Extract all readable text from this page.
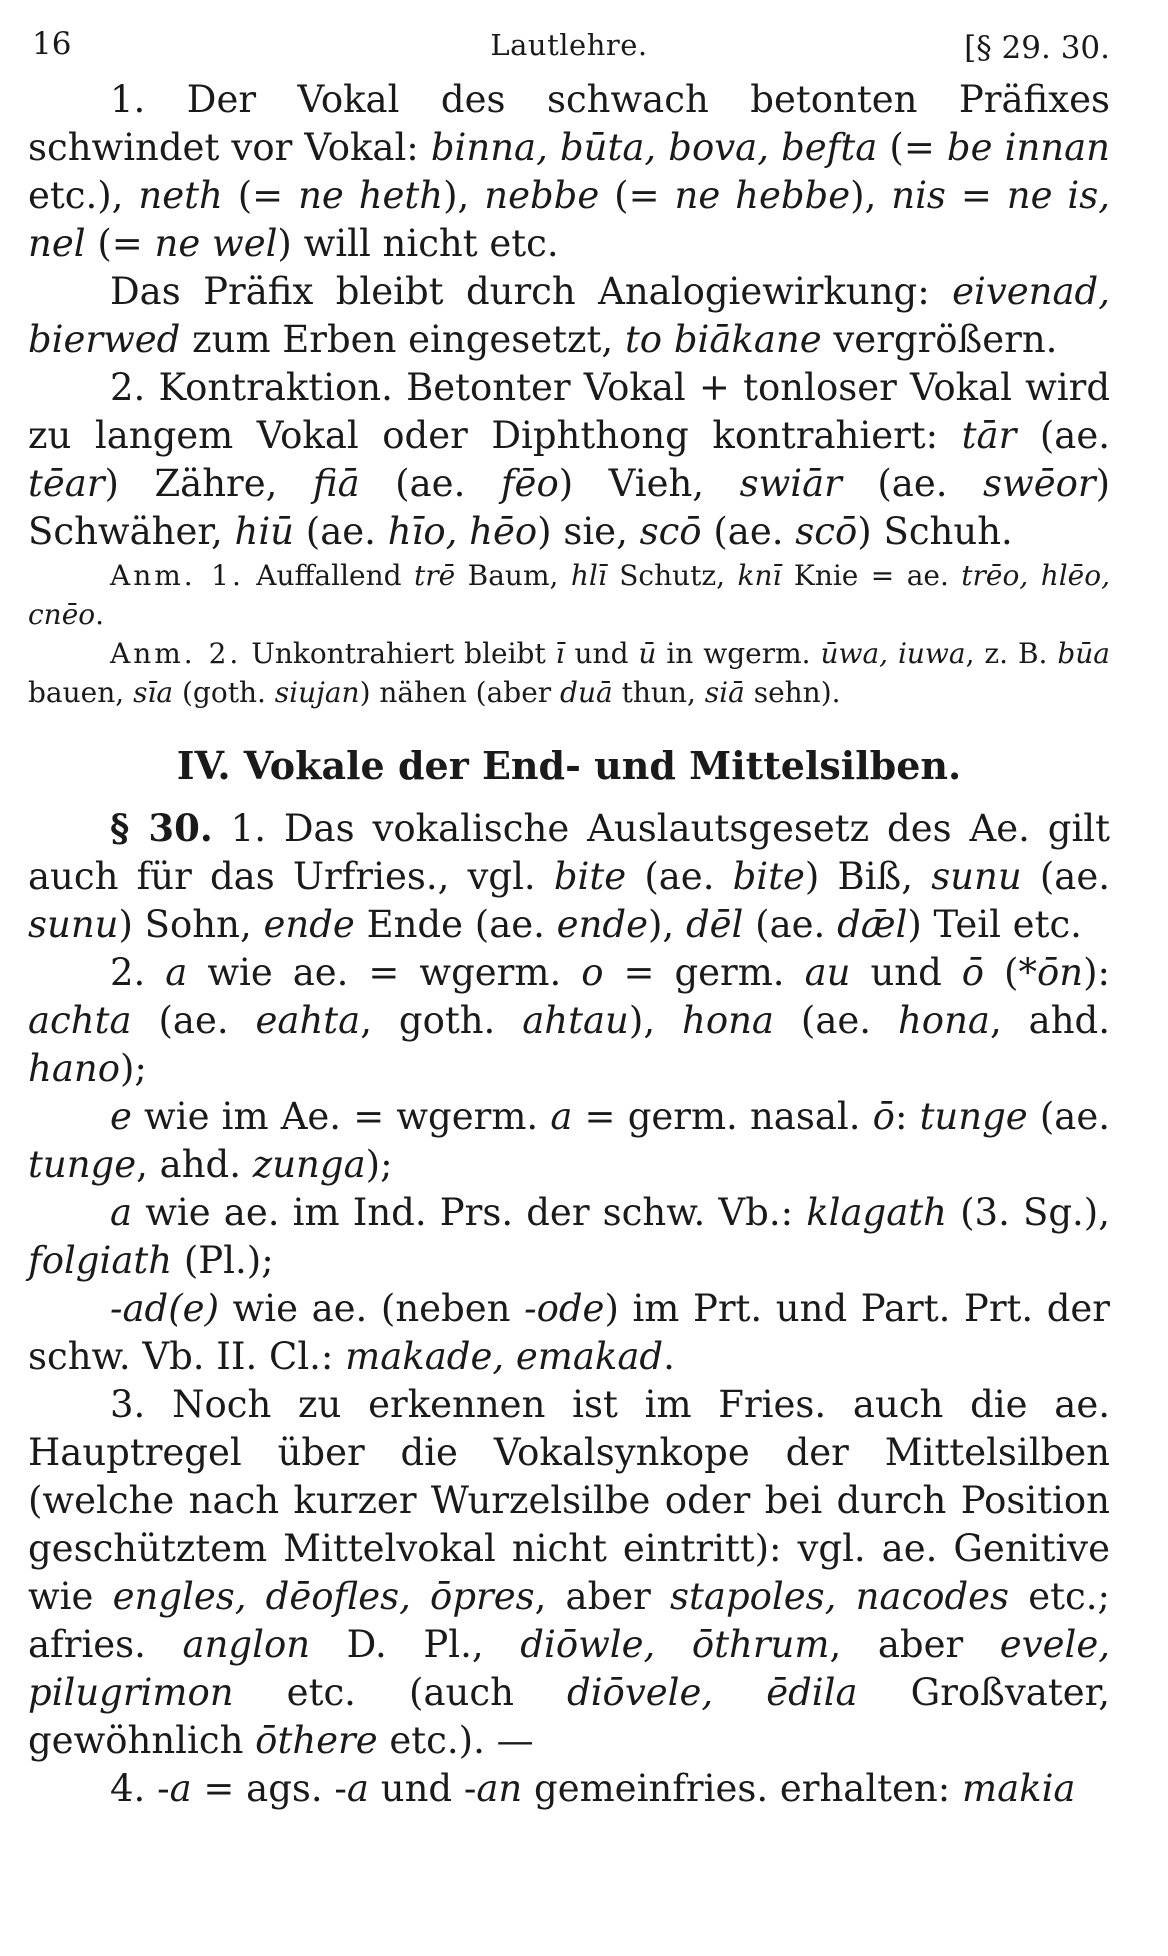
16	Lautlehre.	[§ 29. 30.

1. Der Vokal des schwach betonten Präfixes schwindet vor Vokal: binna, būta, bova, befta (= be innan etc.), neth (= ne heth), nebbe (= ne hebbe), nis = ne is, nel (= ne wel) will nicht etc.

Das Präfix bleibt durch Analogiewirkung: eivenad, bierwed zum Erben eingesetzt, to biākane vergrößern.

2. Kontraktion. Betonter Vokal + tonloser Vokal wird zu langem Vokal oder Diphthong kontrahiert: tār (ae. tēar) Zähre, fiā (ae. fēo) Vieh, swiār (ae. swēor) Schwäher, hiū (ae. hīo, hēo) sie, scō (ae. scō) Schuh.

Anm. 1. Auffallend trē Baum, hlī Schutz, knī Knie = ae. trēo, hlēo, cnēo.

Anm. 2. Unkontrahiert bleibt ī und ū in wgerm. ūwa, iuwa, z. B. būa bauen, sīa (goth. siujan) nähen (aber duā thun, siā sehn).

IV. Vokale der End- und Mittelsilben.

§ 30. 1. Das vokalische Auslautsgesetz des Ae. gilt auch für das Urfries., vgl. bite (ae. bite) Biß, sunu (ae. sunu) Sohn, ende Ende (ae. ende), dēl (ae. dǣl) Teil etc.

2. a wie ae. = wgerm. o = germ. au und ō (*ōn): achta (ae. eahta, goth. ahtau), hona (ae. hona, ahd. hano);

e wie im Ae. = wgerm. a = germ. nasal. ō: tunge (ae. tunge, ahd. zunga);

a wie ae. im Ind. Prs. der schw. Vb.: klagath (3. Sg.), folgiath (Pl.);

-ad(e) wie ae. (neben -ode) im Prt. und Part. Prt. der schw. Vb. II. Cl.: makade, emakad.

3. Noch zu erkennen ist im Fries. auch die ae. Hauptregel über die Vokalsynkope der Mittelsilben (welche nach kurzer Wurzelsilbe oder bei durch Position geschütztem Mittelvokal nicht eintritt): vgl. ae. Genitive wie engles, dēofles, ōpres, aber stapoles, nacodes etc.; afries. anglon D. Pl., diōwle, ōthrum, aber evele, pilugrimon etc. (auch diōvele, ēdila Großvater, gewöhnlich ōthere etc.). —

4. -a = ags. -a und -an gemeinfries. erhalten: makia
